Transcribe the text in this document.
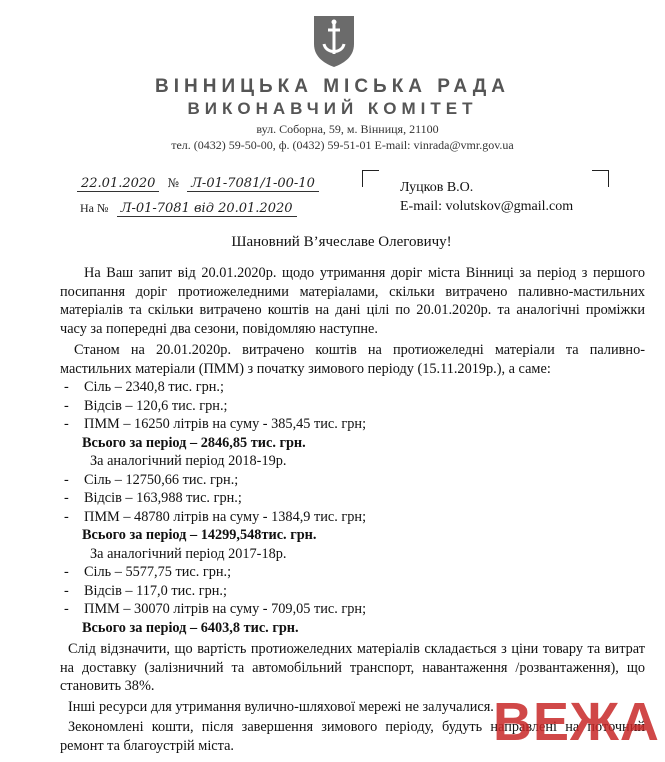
ВІННИЦЬКА МІСЬКА РАДА
ВИКОНАВЧИЙ КОМІТЕТ
вул. Соборна, 59, м. Вінниця, 21100
тел. (0432) 59-50-00, ф. (0432) 59-51-01 E-mail: vinrada@vmr.gov.ua
22.01.2020 № Л-01-7081/1-00-10
На № Л-01-7081 від 20.01.2020
Луцков В.О.
E-mail: volutskov@gmail.com
Шановний В’ячеславе Олеговичу!

На Ваш запит від 20.01.2020р. щодо утримання доріг міста Вінниці за період з першого посипання доріг протиожеледними матеріалами, скільки витрачено паливно-мастильних матеріалів та скільки витрачено коштів на дані цілі по 20.01.2020р. та аналогічні проміжки часу за попередні два сезони, повідомляю наступне.

Станом на 20.01.2020р. витрачено коштів на протиожеледні матеріали та паливно-мастильних матеріали (ПММ) з початку зимового періоду (15.11.2019р.), а саме:

- Сіль – 2340,8 тис. грн.;
- Відсів – 120,6 тис. грн.;
- ПММ – 16250 літрів на суму - 385,45 тис. грн;
Всього за період – 2846,85 тис. грн.
За аналогічний період 2018-19р.
- Сіль – 12750,66 тис. грн.;
- Відсів – 163,988 тис. грн.;
- ПММ – 48780 літрів на суму - 1384,9 тис. грн;
Всього за період – 14299,548тис. грн.
За аналогічний період 2017-18р.
- Сіль – 5577,75 тис. грн.;
- Відсів – 117,0 тис. грн.;
- ПММ – 30070 літрів на суму - 709,05 тис. грн;
Всього за період – 6403,8 тис. грн.

Слід відзначити, що вартість протиожеледних матеріалів складається з ціни товару та витрат на доставку (залізничний та автомобільний транспорт, навантаження /розвантаження), що становить 38%.

Інші ресурси для утримання вулично-шляхової мережі не залучалися.

Зекономлені кошти, після завершення зимового періоду, будуть направлені на поточний ремонт та благоустрій міста.	ВЕЖА
